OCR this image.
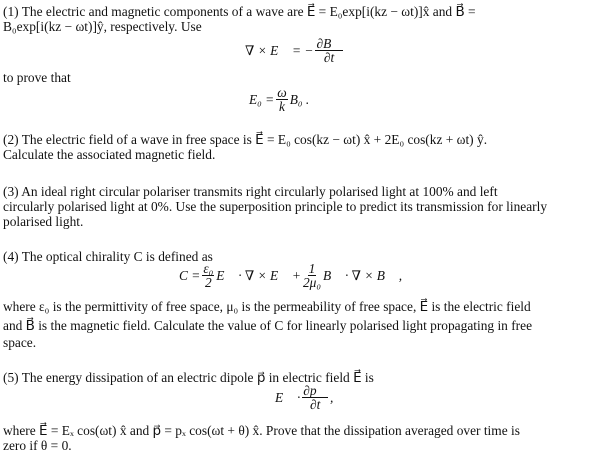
(1) The electric and magnetic components of a wave are E⃗ = E₀exp[i(kz − ωt)]x̂ and B⃗ =
B₀exp[i(kz − ωt)]ŷ, respectively. Use
∇ × E⃗ = − $\frac{\partial B⃗}{\partial t}$
to prove that
$E_0 = \frac{\omega}{k} B_0$ .
(2) The electric field of a wave in free space is E⃗ = E₀ cos(kz − ωt) x̂ + 2E₀ cos(kz + ωt) ŷ.
Calculate the associated magnetic field.
(3) An ideal right circular polariser transmits right circularly polarised light at 100% and left
circularly polarised light at 0%. Use the superposition principle to predict its transmission for linearly
polarised light.
(4) The optical chirality C is defined as
$C = \frac{\text{ε₀}}{2}$ E⃗ · ∇ × E⃗ + $\frac{1}{\text{2μ₀}}$ B⃗ · ∇ × B⃗ ,
where ε₀ is the permittivity of free space, μ₀ is the permeability of free space, E⃗ is the electric field
and B⃗ is the magnetic field. Calculate the value of C for linearly polarised light propagating in free
space.
(5) The energy dissipation of an electric dipole p⃗ in electric field E⃗ is
E⃗ · $\frac{\partial p⃗}{\partial t}$ ,
where E⃗ = Eₓ cos(ωt) x̂ and p⃗ = pₓ cos(ωt + θ) x̂. Prove that the dissipation averaged over time is
zero if θ = 0.
